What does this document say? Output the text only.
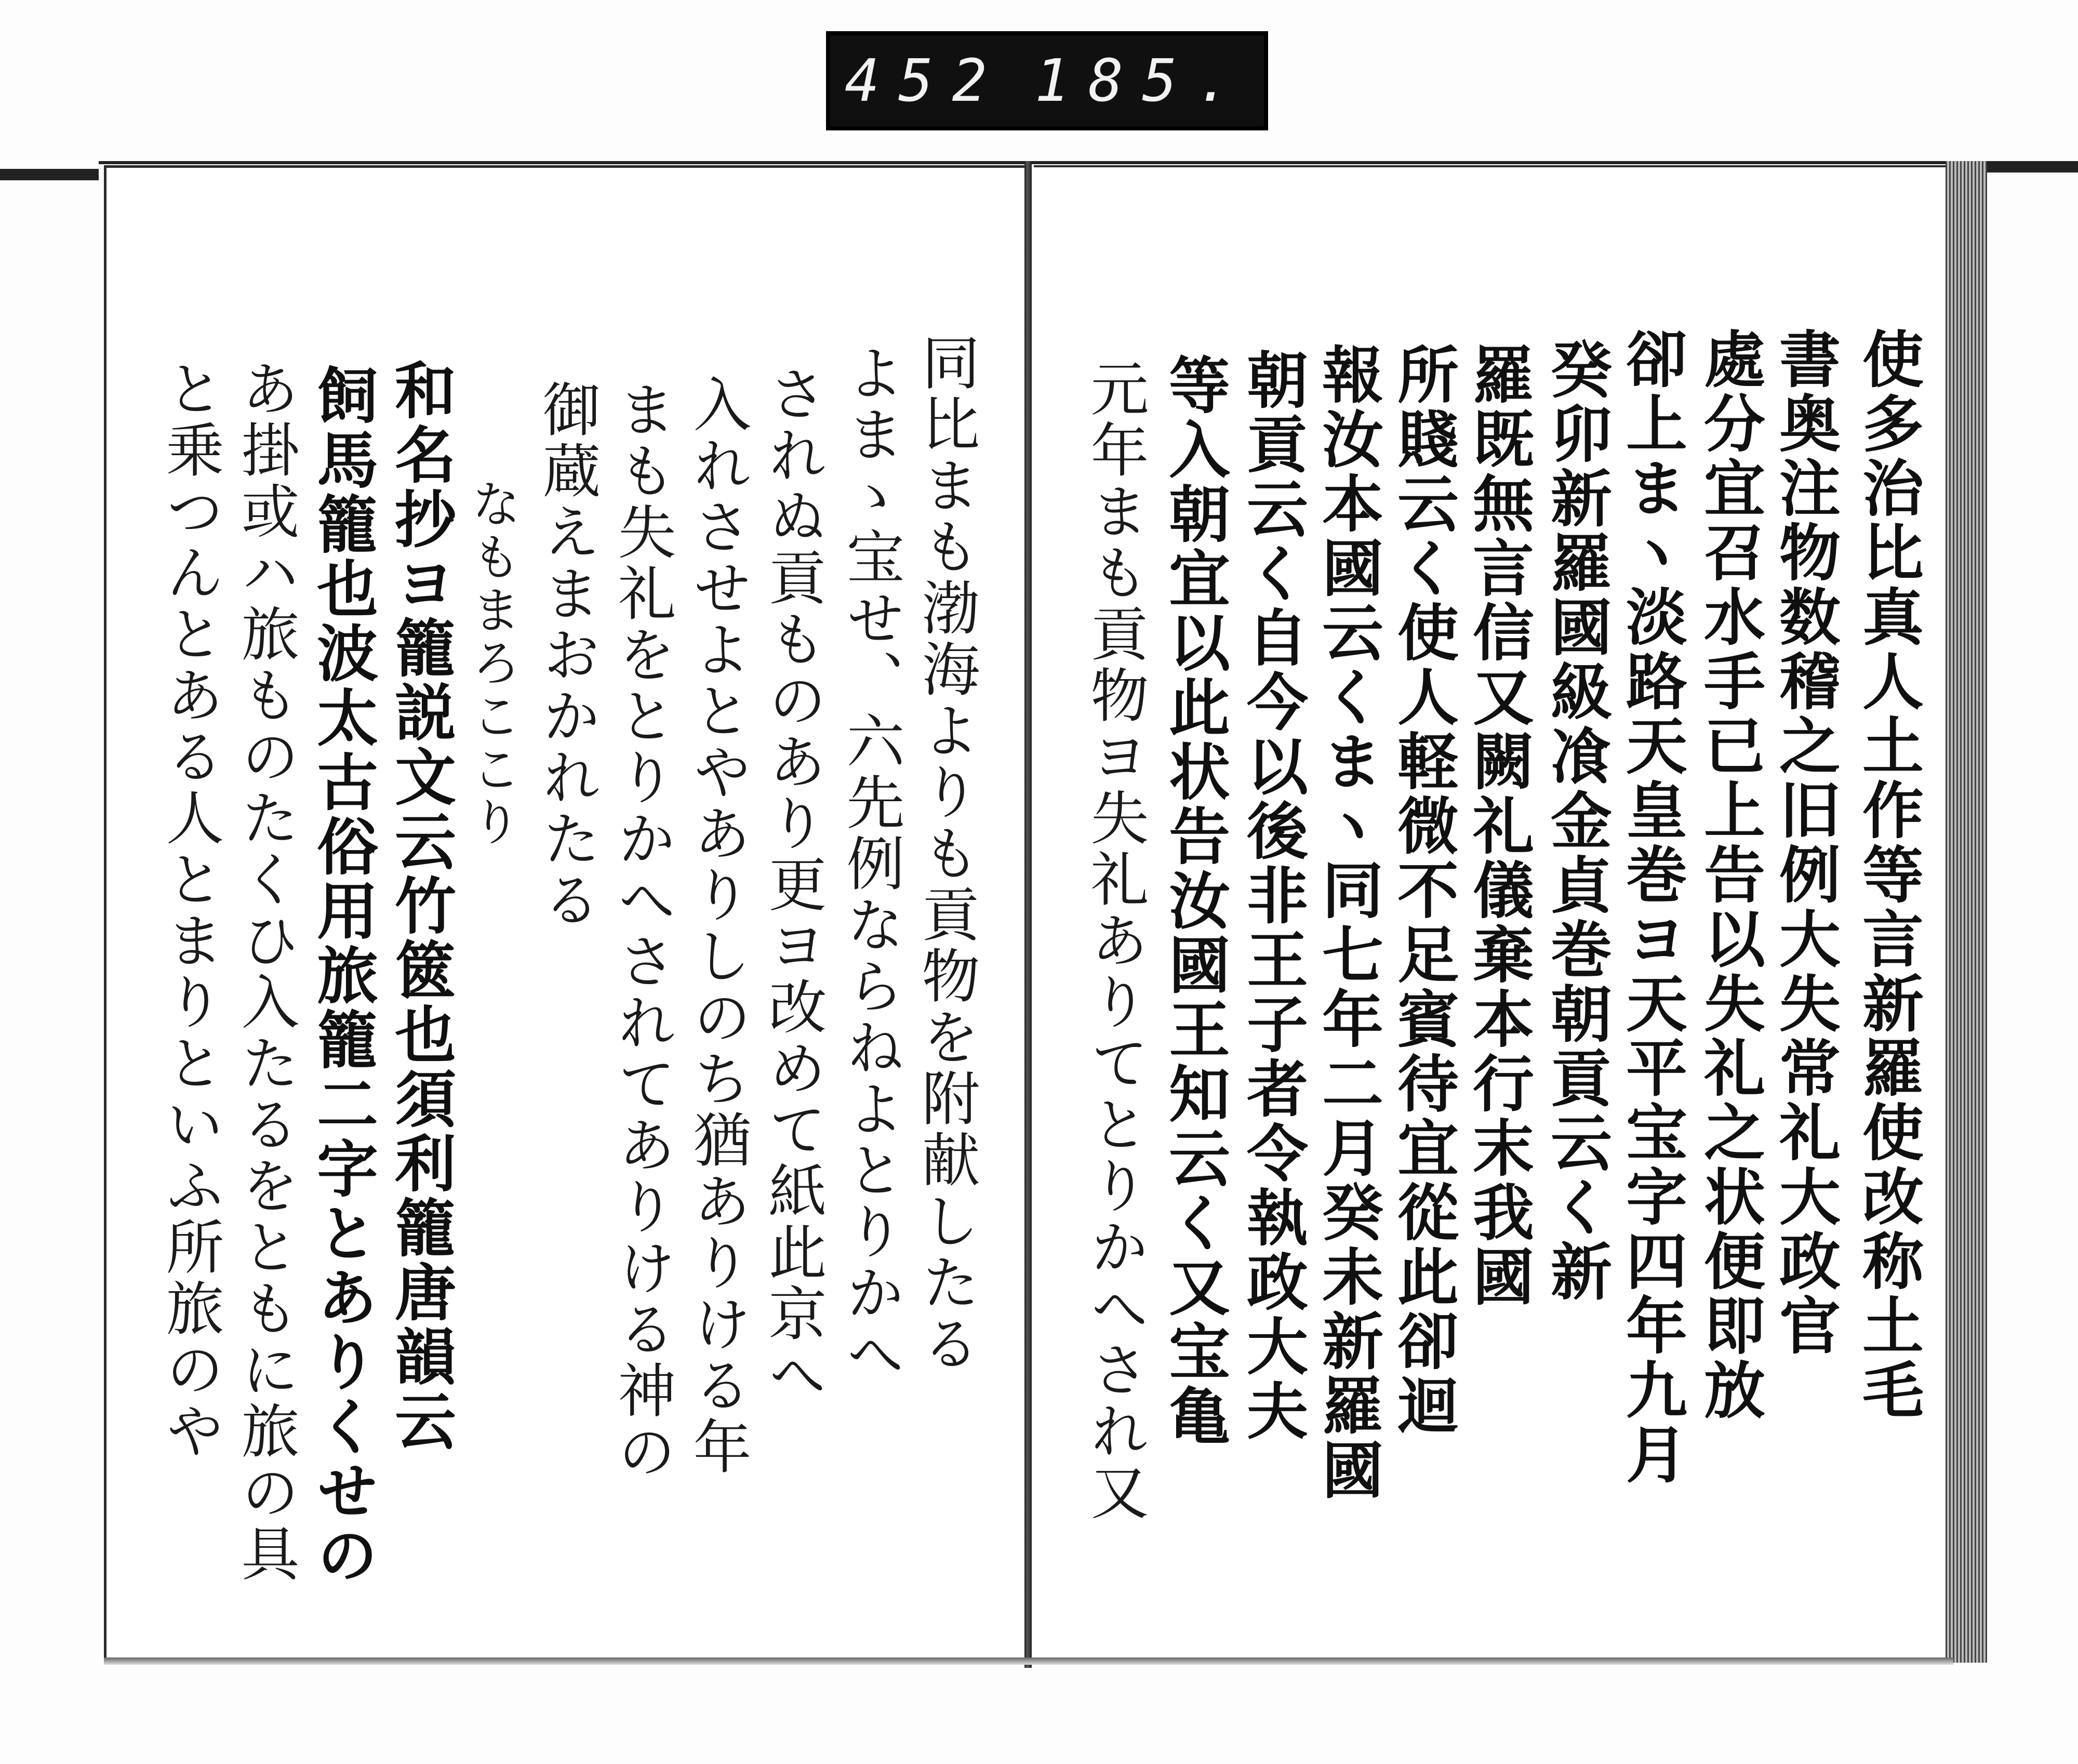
452 185.
使多治比真人土作等言新羅使改称土毛
書奥注物数稽之旧例大失常礼大政官
處分宜召水手已上告以失礼之状便即放
卻上まヽ淡路天皇巻ヨ天平宝字四年九月
癸卯新羅國級飡金貞巻朝貢云く新
羅既無言信又闕礼儀棄本行末我國
所賤云く使人軽微不足賓待宜從此卻迴
報汝本國云くまヽ同七年二月癸未新羅國
朝貢云く自今以後非王子者令執政大夫
等入朝宜以此状告汝國王知云く又宝亀
元年まも貢物ヨ失礼ありてとりかへされ又
同比まも渤海よりも貢物を附献したる
よまゝ宝せ、六先例ならねよとりかへ
されぬ貢ものあり更ヨ改めて紙此京へ
入れさせよとやありしのち猶ありける年
まも失礼をとりかへされてありける神の
御蔵えまおかれたる
なもまろここり
和名抄ヨ籠説文云竹篋也須利籠唐韻云
飼馬籠也波太古俗用旅籠二字とありくせの
あ掛或ハ旅ものたくひ入たるをともに旅の具
と乗つんとある人とまりといふ所旅のや
